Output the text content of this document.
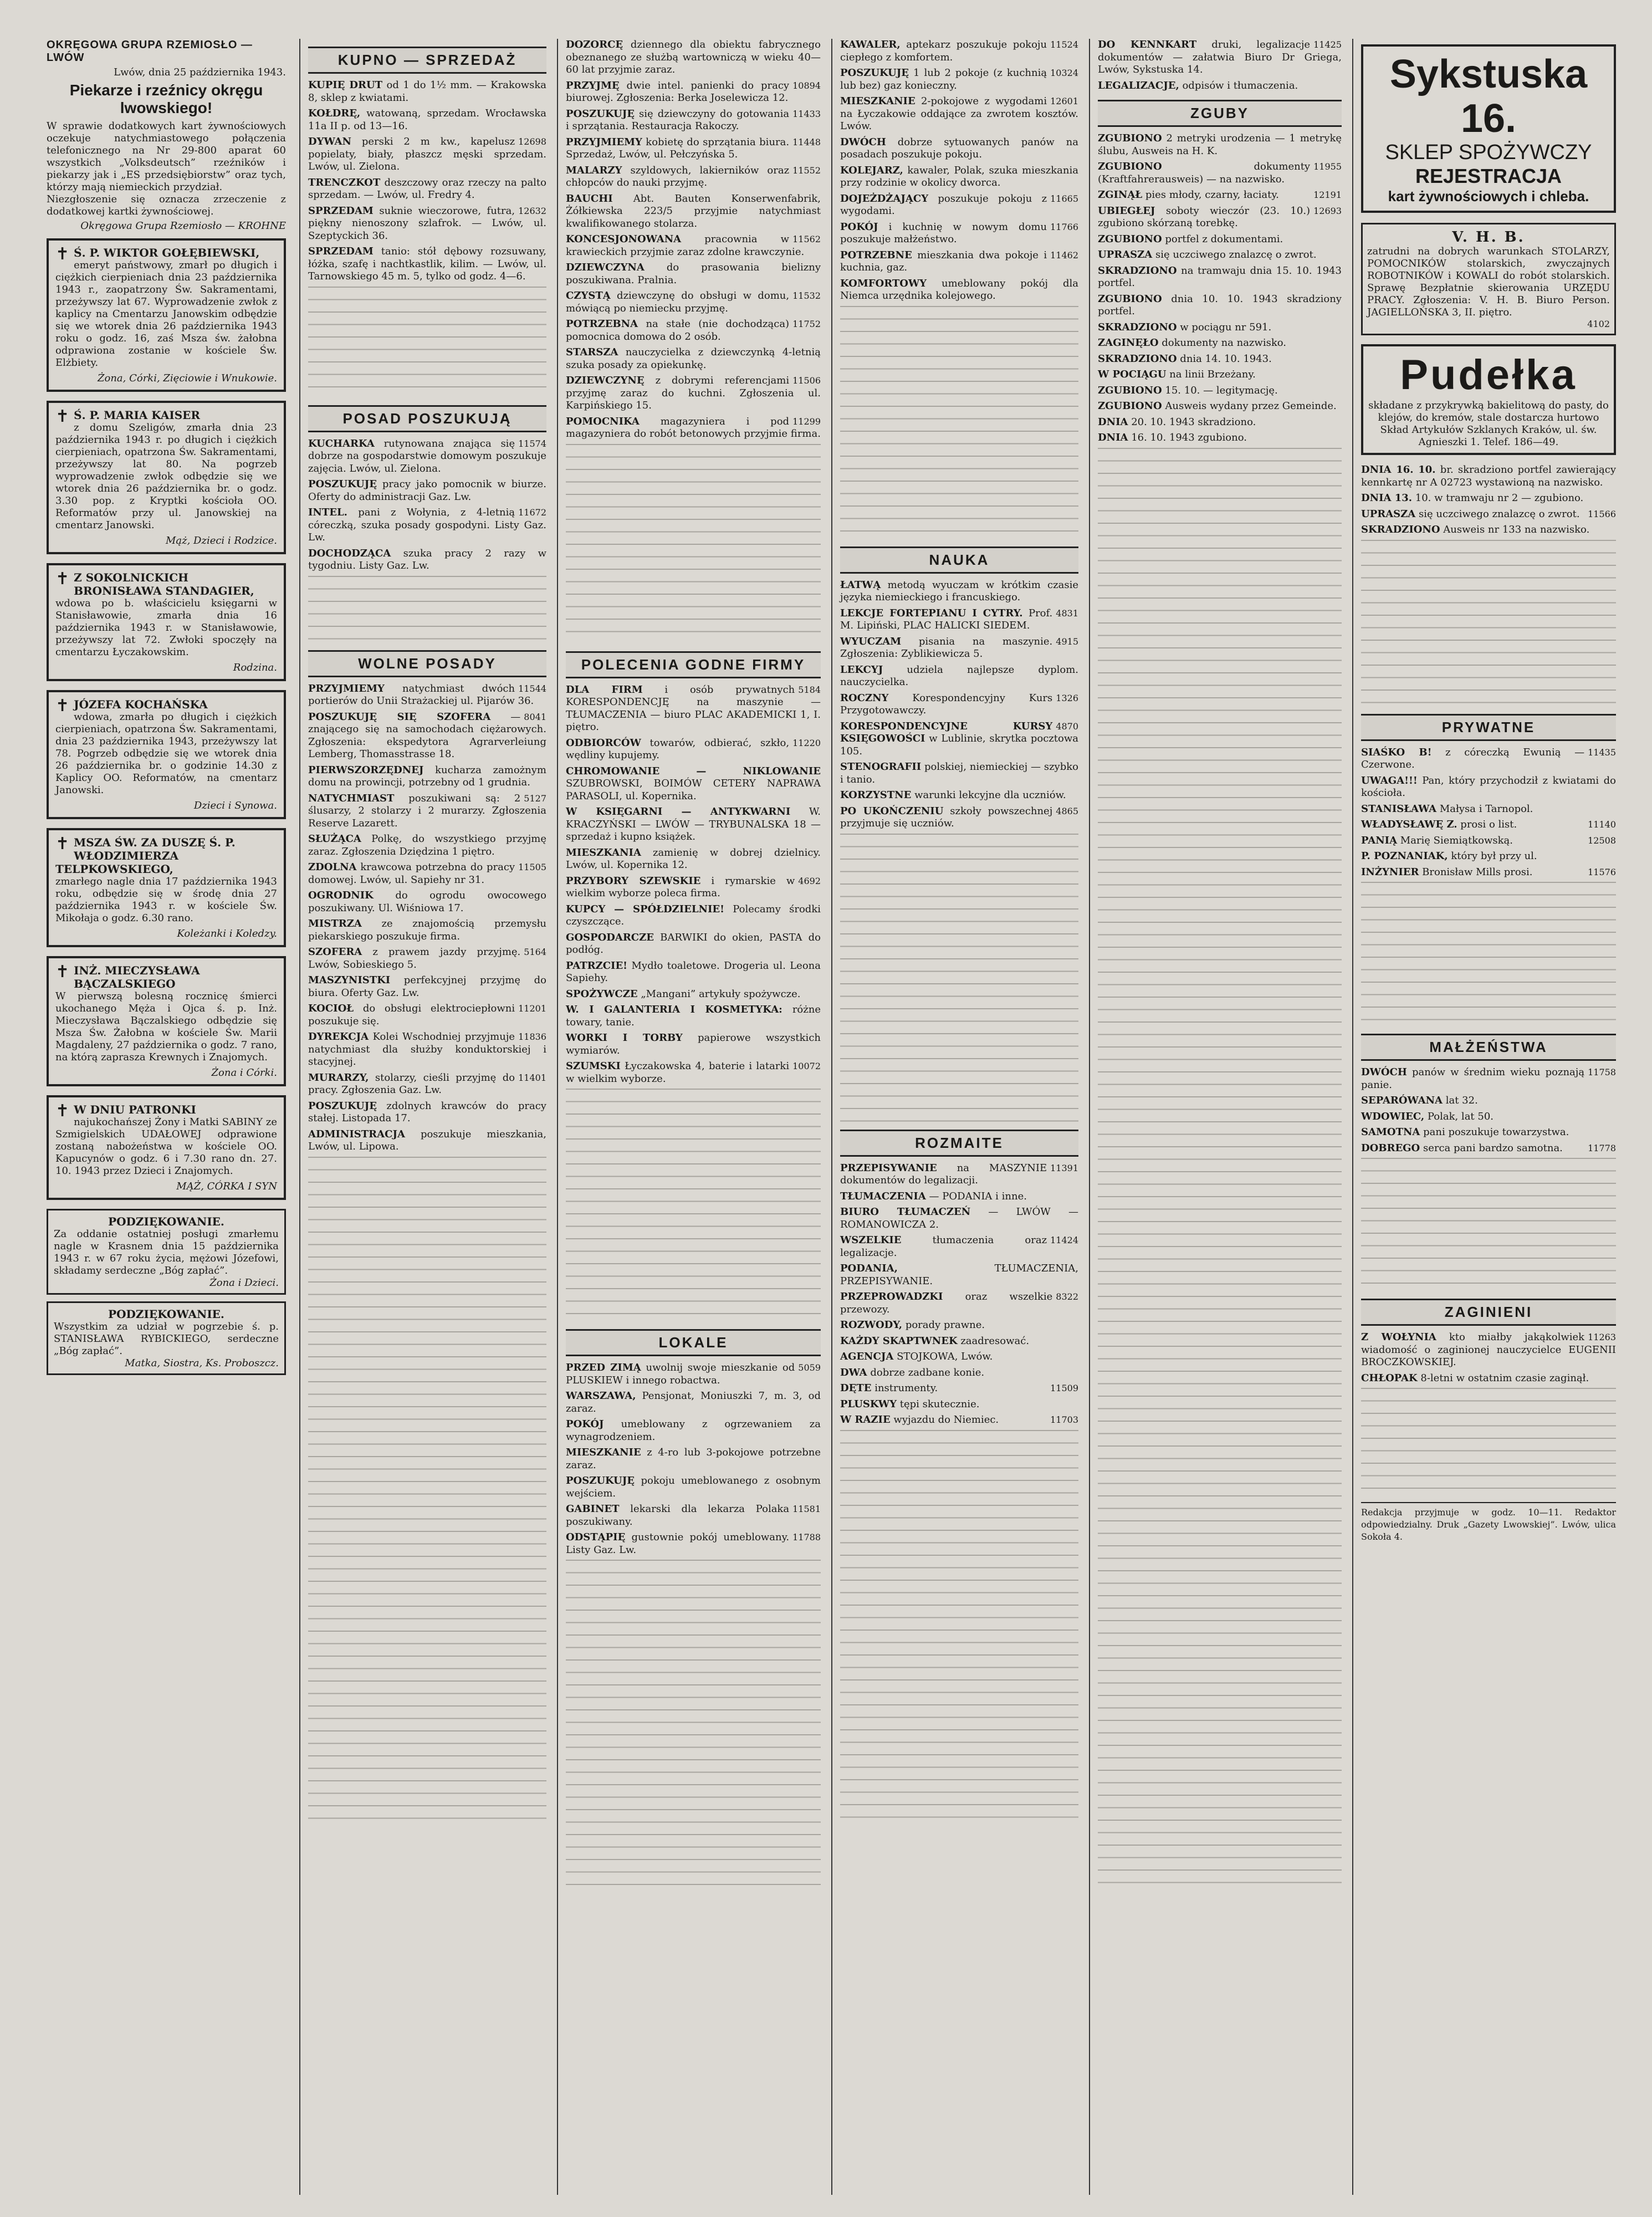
OKRĘGOWA GRUPA RZEMIOSŁO — LWÓW
Lwów, dnia 25 października 1943.
Piekarze i rzeźnicy okręgu lwowskiego!
W sprawie dodatkowych kart żywnościowych oczekuje natychmiastowego połączenia telefonicznego na Nr 29-800 aparat 60 wszystkich „Volksdeutsch” rzeźników i piekarzy jak i „ES przedsiębiorstw” oraz tych, którzy mają niemieckich przydział.
Niezgłoszenie się oznacza zrzeczenie z dodatkowej kartki żywnościowej.
Okręgowa Grupa Rzemiosło — KROHNE
✝ Ś. P. WIKTOR GOŁĘBIEWSKI,
emeryt państwowy, zmarł po długich i ciężkich cierpieniach dnia 23 października 1943 r., zaopatrzony Św. Sakramentami, przeżywszy lat 67. Wyprowadzenie zwłok z kaplicy na Cmentarzu Janowskim odbędzie się we wtorek dnia 26 października 1943 roku o godz. 16, zaś Msza św. żałobna odprawiona zostanie w kościele Św. Elżbiety.
Żona, Córki, Zięciowie i Wnukowie.
✝ Ś. P. MARIA KAISER
z domu Szeligów, zmarła dnia 23 października 1943 r. po długich i ciężkich cierpieniach, opatrzona Św. Sakramentami, przeżywszy lat 80. Na pogrzeb wyprowadzenie zwłok odbędzie się we wtorek dnia 26 października br. o godz. 3.30 pop. z Kryptki kościoła OO. Reformatów przy ul. Janowskiej na cmentarz Janowski.
Mąż, Dzieci i Rodzice.
✝ Z SOKOLNICKICH BRONISŁAWA STANDAGIER,
wdowa po b. właścicielu księgarni w Stanisławowie, zmarła dnia 16 października 1943 r. w Stanisławowie, przeżywszy lat 72. Zwłoki spoczęły na cmentarzu Łyczakowskim.
Rodzina.
✝ JÓZEFA KOCHAŃSKA
wdowa, zmarła po długich i ciężkich cierpieniach, opatrzona Św. Sakramentami, dnia 23 października 1943, przeżywszy lat 78. Pogrzeb odbędzie się we wtorek dnia 26 października br. o godzinie 14.30 z Kaplicy OO. Reformatów, na cmentarz Janowski.
Dzieci i Synowa.
✝ MSZA ŚW. ZA DUSZĘ Ś. P. WŁODZIMIERZA TELPKOWSKIEGO,
zmarłego nagle dnia 17 października 1943 roku, odbędzie się w środę dnia 27 października 1943 r. w kościele Św. Mikołaja o godz. 6.30 rano.
Koleżanki i Koledzy.
✝ INŻ. MIECZYSŁAWA BĄCZALSKIEGO
W pierwszą bolesną rocznicę śmierci ukochanego Męża i Ojca ś. p. Inż. Mieczysława Bączalskiego odbędzie się Msza Św. Żałobna w kościele Św. Marii Magdaleny, 27 października o godz. 7 rano, na którą zaprasza Krewnych i Znajomych.
Żona i Córki.
✝ W DNIU PATRONKI
najukochańszej Żony i Matki SABINY ze Szmigielskich UDAŁOWEJ odprawione zostaną nabożeństwa w kościele OO. Kapucynów o godz. 6 i 7.30 rano dn. 27. 10. 1943 przez Dzieci i Znajomych.
MĄŻ, CÓRKA I SYN
PODZIĘKOWANIE.
Za oddanie ostatniej posługi zmarłemu nagle w Krasnem dnia 15 października 1943 r. w 67 roku życia, mężowi Józefowi, składamy serdeczne „Bóg zapłać”.
Żona i Dzieci.
PODZIĘKOWANIE.
Wszystkim za udział w pogrzebie ś. p. STANISŁAWA RYBICKIEGO, serdeczne „Bóg zapłać”.
Matka, Siostra, Ks. Proboszcz.
KUPNO — SPRZEDAŻ
KUPIĘ DRUT od 1 do 1½ mm. — Krakowska 8, sklep z kwiatami.
KOŁDRĘ, watowaną, sprzedam. Wrocławska 11a II p. od 13—16.
12698
DYWAN perski 2 m kw., kapelusz popielaty, biały, płaszcz męski sprzedam. Lwów, ul. Zielona.
TRENCZKOT deszczowy oraz rzeczy na palto sprzedam. — Lwów, ul. Fredry 4.
12632
SPRZEDAM suknie wieczorowe, futra, piękny nienoszony szlafrok. — Lwów, ul. Szeptyckich 36.
SPRZEDAM tanio: stół dębowy rozsuwany, łóżka, szafę i nachtkastlik, kilim. — Lwów, ul. Tarnowskiego 45 m. 5, tylko od godz. 4—6.
POSAD POSZUKUJĄ
11574
KUCHARKA rutynowana znająca się dobrze na gospodarstwie domowym poszukuje zajęcia. Lwów, ul. Zielona.
POSZUKUJĘ pracy jako pomocnik w biurze. Oferty do administracji Gaz. Lw.
11672
INTEL. pani z Wołynia, z 4-letnią córeczką, szuka posady gospodyni. Listy Gaz. Lw.
DOCHODZĄCA szuka pracy 2 razy w tygodniu. Listy Gaz. Lw.
WOLNE POSADY
11544
PRZYJMIEMY natychmiast dwóch portierów do Unii Strażackiej ul. Pijarów 36.
8041
POSZUKUJĘ SIĘ SZOFERA — znającego się na samochodach ciężarowych. Zgłoszenia: ekspedytora Agrarverleiung Lemberg, Thomasstrasse 18.
PIERWSZORZĘDNEJ kucharza zamożnym domu na prowincji, potrzebny od 1 grudnia.
5127
NATYCHMIAST poszukiwani są: 2 ślusarzy, 2 stolarzy i 2 murarzy. Zgłoszenia Reserve Lazarett.
SŁUŻĄCA Polkę, do wszystkiego przyjmę zaraz. Zgłoszenia Dziędzina 1 piętro.
11505
ZDOLNA krawcowa potrzebna do pracy domowej. Lwów, ul. Sapiehy nr 31.
OGRODNIK do ogrodu owocowego poszukiwany. Ul. Wiśniowa 17.
MISTRZA ze znajomością przemysłu piekarskiego poszukuje firma.
5164
SZOFERA z prawem jazdy przyjmę. Lwów, Sobieskiego 5.
MASZYNISTKI perfekcyjnej przyjmę do biura. Oferty Gaz. Lw.
11201
KOCIOŁ do obsługi elektrociepłowni poszukuje się.
11836
DYREKCJA Kolei Wschodniej przyjmuje natychmiast dla służby konduktorskiej i stacyjnej.
11401
MURARZY, stolarzy, cieśli przyjmę do pracy. Zgłoszenia Gaz. Lw.
POSZUKUJĘ zdolnych krawców do pracy stałej. Listopada 17.
ADMINISTRACJA poszukuje mieszkania, Lwów, ul. Lipowa.
DOZORCĘ dziennego dla obiektu fabrycznego obeznanego ze służbą wartowniczą w wieku 40—60 lat przyjmie zaraz.
10894
PRZYJMĘ dwie intel. panienki do pracy biurowej. Zgłoszenia: Berka Joselewicza 12.
11433
POSZUKUJĘ się dziewczyny do gotowania i sprzątania. Restauracja Rakoczy.
11448
PRZYJMIEMY kobietę do sprzątania biura. Sprzedaż, Lwów, ul. Pełczyńska 5.
11552
MALARZY szyldowych, lakierników oraz chłopców do nauki przyjmę.
BAUCHI Abt. Bauten Konserwenfabrik, Żółkiewska 223/5 przyjmie natychmiast kwalifikowanego stolarza.
11562
KONCESJONOWANA pracownia w krawieckich przyjmie zaraz zdolne krawczynie.
DZIEWCZYNA do prasowania bielizny poszukiwana. Pralnia.
11532
CZYSTĄ dziewczynę do obsługi w domu, mówiącą po niemiecku przyjmę.
11752
POTRZEBNA na stałe (nie dochodząca) pomocnica domowa do 2 osób.
STARSZA nauczycielka z dziewczynką 4-letnią szuka posady za opiekunkę.
11506
DZIEWCZYNĘ z dobrymi referencjami przyjmę zaraz do kuchni. Zgłoszenia ul. Karpińskiego 15.
11299
POMOCNIKA magazyniera i pod magazyniera do robót betonowych przyjmie firma.
POLECENIA GODNE FIRMY
5184
DLA FIRM i osób prywatnych KORESPONDENCJĘ na maszynie — TŁUMACZENIA — biuro PLAC AKADEMICKI 1, I. piętro.
11220
ODBIORCÓW towarów, odbierać, szkło, wędliny kupujemy.
CHROMOWANIE — NIKLOWANIE SZUBROWSKI, BOIMÓW CETERY NAPRAWA PARASOLI, ul. Kopernika.
W KSIĘGARNI — ANTYKWARNI W. KRACZYŃSKI — LWÓW — TRYBUNALSKA 18 — sprzedaż i kupno książek.
MIESZKANIA zamienię w dobrej dzielnicy. Lwów, ul. Kopernika 12.
4692
PRZYBORY SZEWSKIE i rymarskie w wielkim wyborze poleca firma.
KUPCY — SPÓŁDZIELNIE! Polecamy środki czyszczące.
GOSPODARCZE BARWIKI do okien, PASTA do podłóg.
PATRZCIE! Mydło toaletowe. Drogeria ul. Leona Sapiehy.
SPOŻYWCZE „Mangani” artykuły spożywcze.
W. I GALANTERIA I KOSMETYKA: różne towary, tanie.
WORKI I TORBY papierowe wszystkich wymiarów.
10072
SZUMSKI Łyczakowska 4, baterie i latarki w wielkim wyborze.
LOKALE
5059
PRZED ZIMĄ uwolnij swoje mieszkanie od PLUSKIEW i innego robactwa.
WARSZAWA, Pensjonat, Moniuszki 7, m. 3, od zaraz.
POKÓJ umeblowany z ogrzewaniem za wynagrodzeniem.
MIESZKANIE z 4-ro lub 3-pokojowe potrzebne zaraz.
POSZUKUJĘ pokoju umeblowanego z osobnym wejściem.
11581
GABINET lekarski dla lekarza Polaka poszukiwany.
11788
ODSTĄPIĘ gustownie pokój umeblowany. Listy Gaz. Lw.
11524
KAWALER, aptekarz poszukuje pokoju ciepłego z komfortem.
10324
POSZUKUJĘ 1 lub 2 pokoje (z kuchnią lub bez) gaz konieczny.
12601
MIESZKANIE 2-pokojowe z wygodami na Łyczakowie oddające za zwrotem kosztów. Lwów.
DWÓCH dobrze sytuowanych panów na posadach poszukuje pokoju.
KOLEJARZ, kawaler, Polak, szuka mieszkania przy rodzinie w okolicy dworca.
11665
DOJEŻDŻAJĄCY poszukuje pokoju z wygodami.
11766
POKÓJ i kuchnię w nowym domu poszukuje małżeństwo.
11462
POTRZEBNE mieszkania dwa pokoje i kuchnia, gaz.
KOMFORTOWY umeblowany pokój dla Niemca urzędnika kolejowego.
NAUKA
ŁATWĄ metodą wyuczam w krótkim czasie języka niemieckiego i francuskiego.
4831
LEKCJE FORTEPIANU I CYTRY. Prof. M. Lipiński, PLAC HALICKI SIEDEM.
4915
WYUCZAM pisania na maszynie. Zgłoszenia: Zyblikiewicza 5.
LEKCYJ udziela najlepsze dyplom. nauczycielka.
1326
ROCZNY Korespondencyjny Kurs Przygotowawczy.
4870
KORESPONDENCYJNE KURSY KSIĘGOWOŚCI w Lublinie, skrytka pocztowa 105.
STENOGRAFII polskiej, niemieckiej — szybko i tanio.
KORZYSTNE warunki lekcyjne dla uczniów.
4865
PO UKOŃCZENIU szkoły powszechnej przyjmuje się uczniów.
ROZMAITE
11391
PRZEPISYWANIE na MASZYNIE dokumentów do legalizacji.
TŁUMACZENIA — PODANIA i inne.
BIURO TŁUMACZEŃ — LWÓW — ROMANOWICZA 2.
11424
WSZELKIE	tłumaczenia oraz legalizacje.
PODANIA,	TŁUMACZENIA, PRZEPISYWANIE.
8322
PRZEPROWADZKI oraz wszelkie przewozy.
ROZWODY, porady prawne.
KAŻDY SKAPTWNEK zaadresować.
AGENCJA STOJKOWA, Lwów.
DWA dobrze zadbane konie.
11509
DĘTE instrumenty.
PLUSKWY tępi skutecznie.
11703
W RAZIE wyjazdu do Niemiec.
11425
DO KENNKART druki, legalizacje dokumentów — załatwia Biuro Dr Griega, Lwów, Sykstuska 14.
LEGALIZACJE, odpisów i tłumaczenia.
ZGUBY
ZGUBIONO 2 metryki urodzenia — 1 metrykę ślubu, Ausweis na H. K.
11955
ZGUBIONO	dokumenty (Kraftfahrerausweis) — na nazwisko.
12191
ZGINĄŁ pies młody, czarny, łaciaty.
12693
UBIEGŁEJ soboty wieczór (23. 10.) zgubiono skórzaną torebkę.
ZGUBIONO portfel z dokumentami.
UPRASZA się uczciwego znalazcę o zwrot.
SKRADZIONO na tramwaju dnia 15. 10. 1943 portfel.
ZGUBIONO dnia 10. 10. 1943 skradziony portfel.
SKRADZIONO w pociągu nr 591.
ZAGINĘŁO dokumenty na nazwisko.
SKRADZIONO dnia 14. 10. 1943.
W POCIĄGU na linii Brzeżany.
ZGUBIONO 15. 10. — legitymację.
ZGUBIONO Ausweis wydany przez Gemeinde.
DNIA 20. 10. 1943 skradziono.
DNIA 16. 10. 1943 zgubiono.
Sykstuska 16.
SKLEP SPOŻYWCZY
REJESTRACJA
kart żywnościowych i chleba.
V. H. B.
zatrudni na dobrych warunkach STOLARZY, POMOCNIKÓW stolarskich, zwyczajnych ROBOTNIKÓW i KOWALI do robót stolarskich. Sprawę Bezpłatnie skierowania URZĘDU PRACY. Zgłoszenia: V. H. B. Biuro Person. JAGIELLOŃSKA 3, II. piętro.
4102
Pudełka
składane z przykrywką bakielitową do pasty, do klejów, do kremów, stale dostarcza hurtowo Skład Artykułów Szklanych Kraków, ul. św. Agnieszki 1. Telef. 186—49.
DNIA 16. 10. br. skradziono portfel zawierający kennkartę nr A 02723 wystawioną na nazwisko.
DNIA 13. 10. w tramwaju nr 2 — zgubiono.
11566
UPRASZA się uczciwego znalazcę o zwrot.
SKRADZIONO Ausweis nr 133 na nazwisko.
PRYWATNE
11435
SIAŚKO B! z córeczką Ewunią — Czerwone.
UWAGA!!! Pan, który przychodził z kwiatami do kościoła.
STANISŁAWA Małysa i Tarnopol.
11140
WŁADYSŁAWĘ Z. prosi o list.
12508
PANIĄ Marię Siemiątkowską.
P. POZNANIAK, który był przy ul.
11576
INŻYNIER Bronisław Mills prosi.
MAŁŻEŃSTWA
11758
DWÓCH panów w średnim wieku poznają panie.
SEPARÓWANA lat 32.
WDOWIEC, Polak, lat 50.
SAMOTNA pani poszukuje towarzystwa.
11778
DOBREGO serca pani bardzo samotna.
ZAGINIENI
11263
Z WOŁYNIA kto miałby jakąkolwiek wiadomość o zaginionej nauczycielce EUGENII BROCZKOWSKIEJ.
CHŁOPAK 8-letni w ostatnim czasie zaginął.
Redakcja przyjmuje w godz. 10—11. Redaktor odpowiedzialny. Druk „Gazety Lwowskiej”. Lwów, ulica Sokoła 4.
